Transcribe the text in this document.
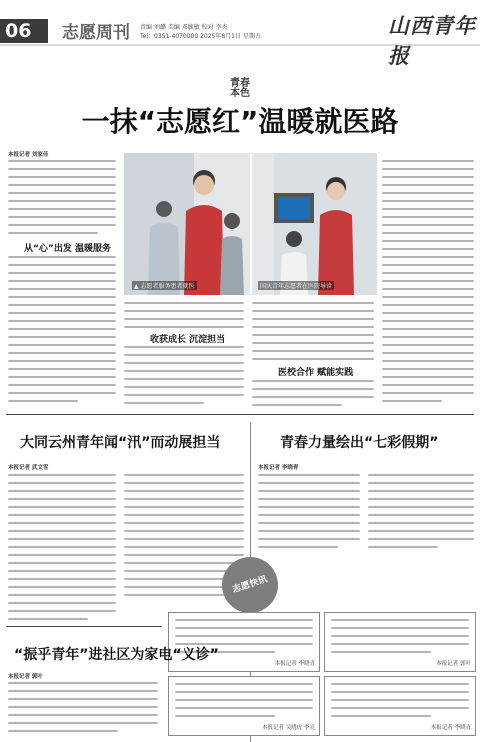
06	志愿周刊 责编 刘璐 美编 邓毓敏 校对 李杰
Tel：0351-4070000 2025年8月1日 星期五	山西青年报
青春
本色
一抹“志愿红”温暖就医路
本报记者 刘家佳
从“心”出发 温暖服务
▲ 志愿者服务患者就医	国庆青年志愿者在医院导诊
收获成长 沉淀担当
医校合作 赋能实践
大同云州青年闻“汛”而动展担当
本报记者 武文雪
青春力量绘出“七彩假期”
本报记者 李晓青
志愿快讯
本报记者 李晓青	本报记者 郭叶
本报记者 吴晓虎 李亮	本报记者 李晓青
“振乎青年”进社区为家电“义诊”
本报记者 郭叶
